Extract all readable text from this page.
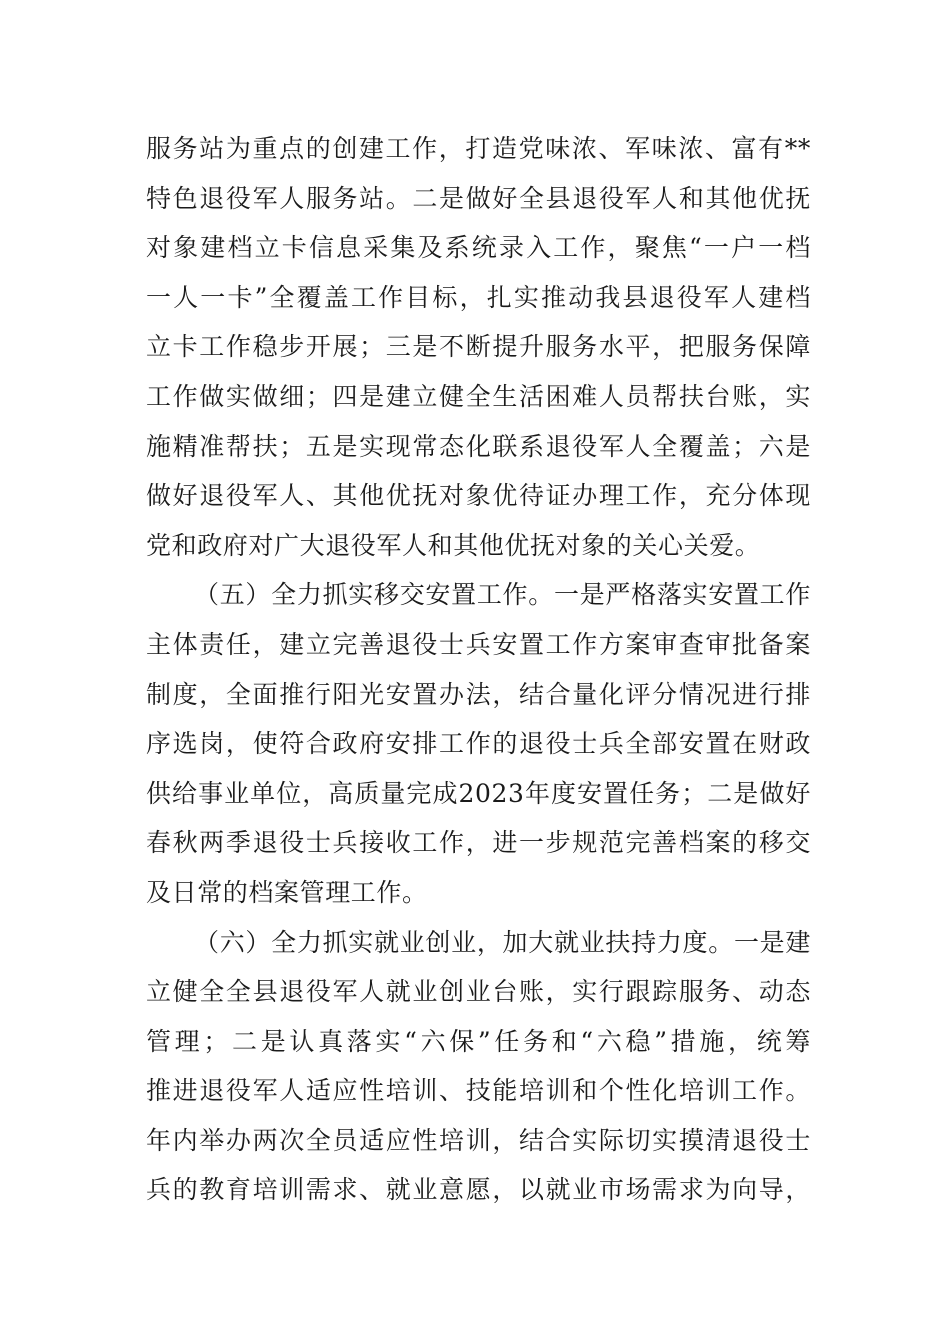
服务站为重点的创建工作，打造党味浓、军味浓、富有**
特色退役军人服务站。二是做好全县退役军人和其他优抚
对象建档立卡信息采集及系统录入工作，聚焦“一户一档
一人一卡”全覆盖工作目标，扎实推动我县退役军人建档
立卡工作稳步开展；三是不断提升服务水平，把服务保障
工作做实做细；四是建立健全生活困难人员帮扶台账，实
施精准帮扶；五是实现常态化联系退役军人全覆盖；六是
做好退役军人、其他优抚对象优待证办理工作，充分体现
党和政府对广大退役军人和其他优抚对象的关心关爱。
（五）全力抓实移交安置工作。一是严格落实安置工作
主体责任，建立完善退役士兵安置工作方案审查审批备案
制度，全面推行阳光安置办法，结合量化评分情况进行排
序选岗，使符合政府安排工作的退役士兵全部安置在财政
供给事业单位，高质量完成2023年度安置任务；二是做好
春秋两季退役士兵接收工作，进一步规范完善档案的移交
及日常的档案管理工作。
（六）全力抓实就业创业，加大就业扶持力度。一是建
立健全全县退役军人就业创业台账，实行跟踪服务、动态
管理；二是认真落实“六保”任务和“六稳”措施，统筹
推进退役军人适应性培训、技能培训和个性化培训工作。
年内举办两次全员适应性培训，结合实际切实摸清退役士
兵的教育培训需求、就业意愿，以就业市场需求为向导，
